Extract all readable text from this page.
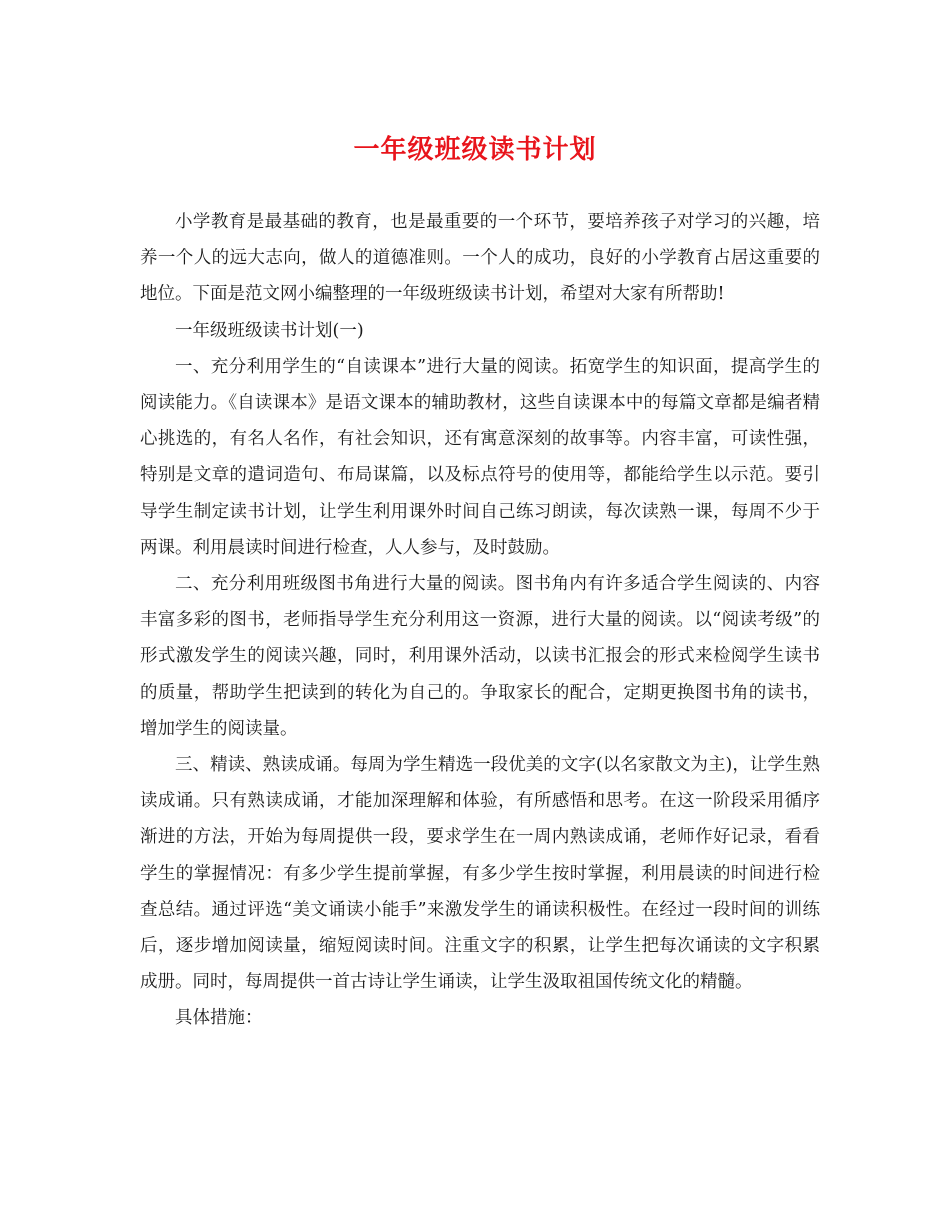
一年级班级读书计划

小学教育是最基础的教育，也是最重要的一个环节，要培养孩子对学习的兴趣，培养一个人的远大志向，做人的道德准则。一个人的成功，良好的小学教育占居这重要的地位。下面是范文网小编整理的一年级班级读书计划，希望对大家有所帮助!

一年级班级读书计划(一)

一、充分利用学生的“自读课本”进行大量的阅读。拓宽学生的知识面，提高学生的阅读能力。《自读课本》是语文课本的辅助教材，这些自读课本中的每篇文章都是编者精心挑选的，有名人名作，有社会知识，还有寓意深刻的故事等。内容丰富，可读性强，特别是文章的遣词造句、布局谋篇，以及标点符号的使用等，都能给学生以示范。要引导学生制定读书计划，让学生利用课外时间自己练习朗读，每次读熟一课，每周不少于两课。利用晨读时间进行检查，人人参与，及时鼓励。

二、充分利用班级图书角进行大量的阅读。图书角内有许多适合学生阅读的、内容丰富多彩的图书，老师指导学生充分利用这一资源，进行大量的阅读。以“阅读考级”的形式激发学生的阅读兴趣，同时，利用课外活动，以读书汇报会的形式来检阅学生读书的质量，帮助学生把读到的转化为自己的。争取家长的配合，定期更换图书角的读书，增加学生的阅读量。

三、精读、熟读成诵。每周为学生精选一段优美的文字(以名家散文为主)，让学生熟读成诵。只有熟读成诵，才能加深理解和体验，有所感悟和思考。在这一阶段采用循序渐进的方法，开始为每周提供一段，要求学生在一周内熟读成诵，老师作好记录，看看学生的掌握情况：有多少学生提前掌握，有多少学生按时掌握，利用晨读的时间进行检查总结。通过评选“美文诵读小能手”来激发学生的诵读积极性。在经过一段时间的训练后，逐步增加阅读量，缩短阅读时间。注重文字的积累，让学生把每次诵读的文字积累成册。同时，每周提供一首古诗让学生诵读，让学生汲取祖国传统文化的精髓。

具体措施：
